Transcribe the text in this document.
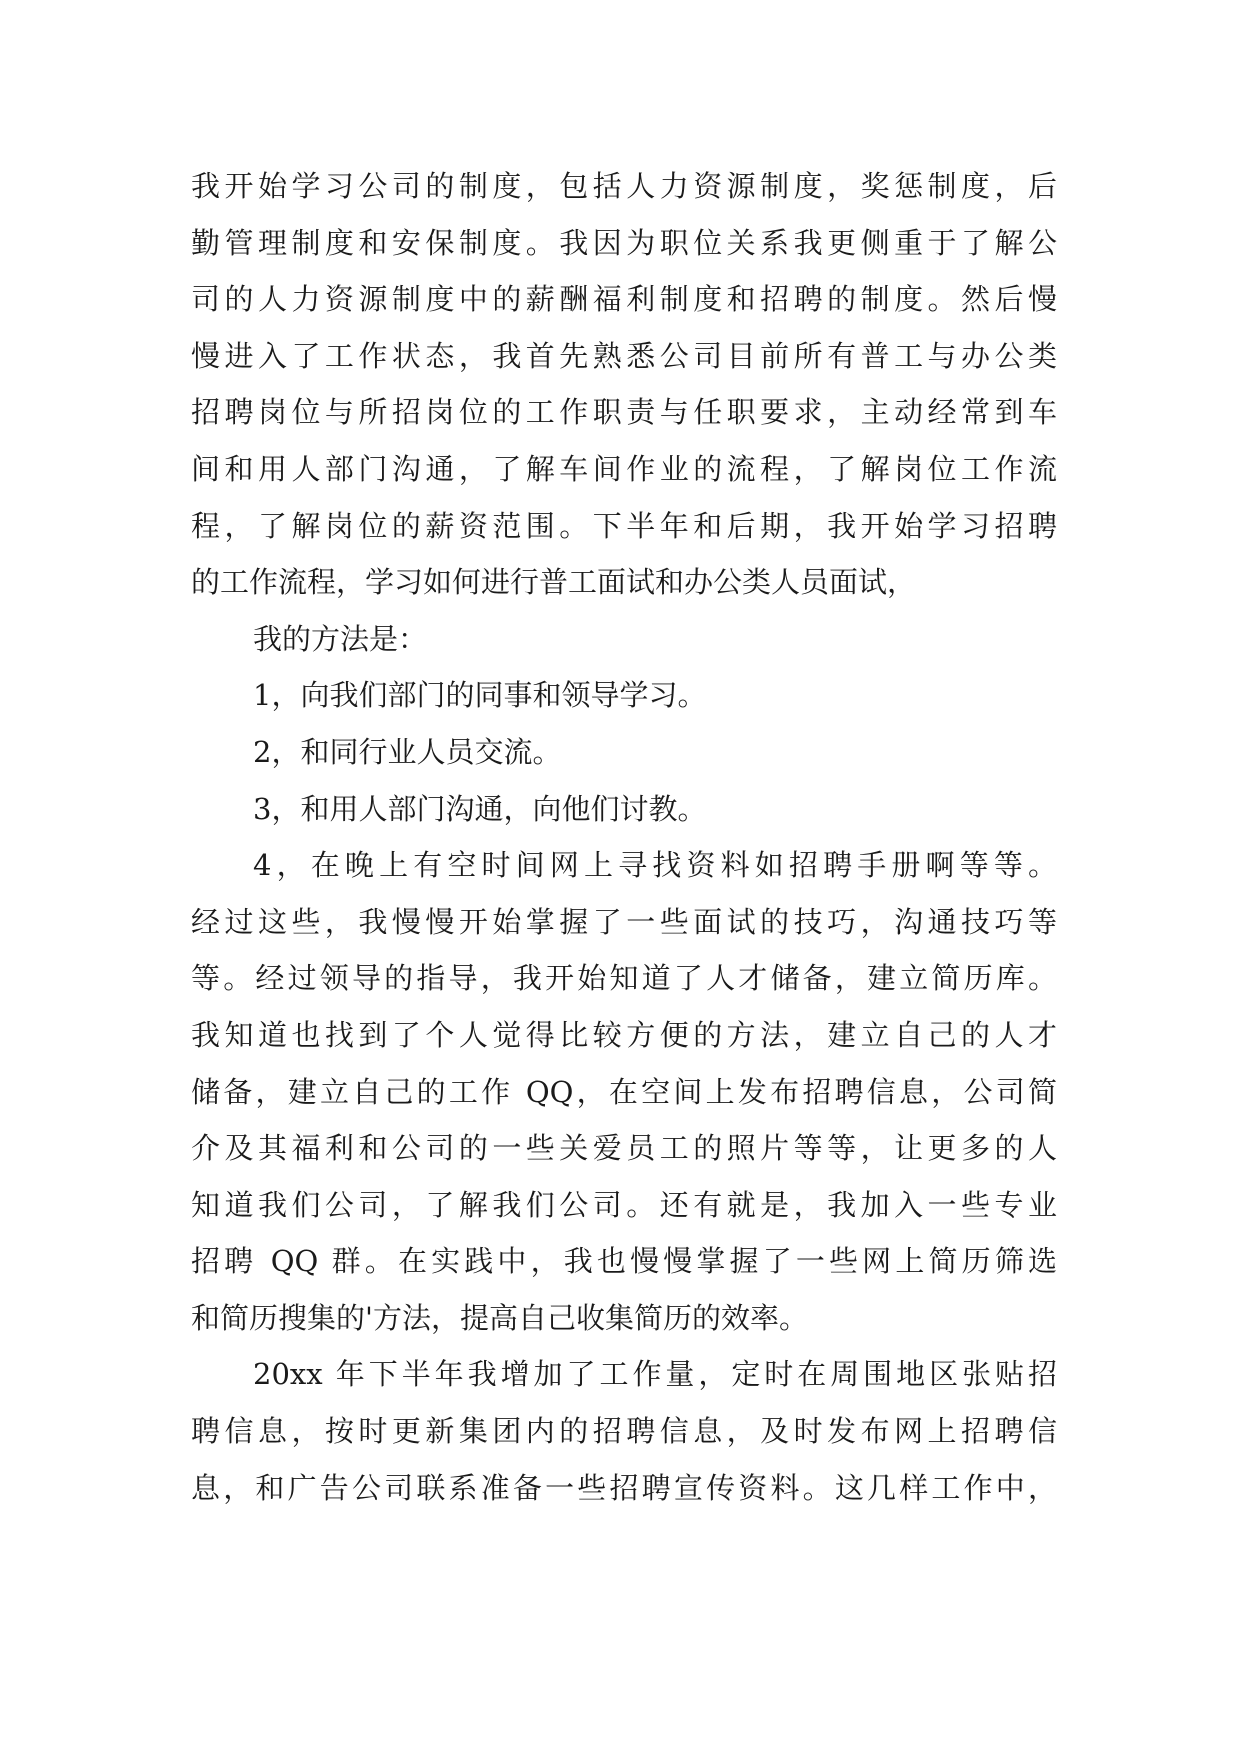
我开始学习公司的制度，包括人力资源制度，奖惩制度，后
勤管理制度和安保制度。我因为职位关系我更侧重于了解公
司的人力资源制度中的薪酬福利制度和招聘的制度。然后慢
慢进入了工作状态，我首先熟悉公司目前所有普工与办公类
招聘岗位与所招岗位的工作职责与任职要求，主动经常到车
间和用人部门沟通，了解车间作业的流程，了解岗位工作流
程，了解岗位的薪资范围。下半年和后期，我开始学习招聘
的工作流程，学习如何进行普工面试和办公类人员面试，
我的方法是：
1，向我们部门的同事和领导学习。
2，和同行业人员交流。
3，和用人部门沟通，向他们讨教。
4，在晚上有空时间网上寻找资料如招聘手册啊等等。
经过这些，我慢慢开始掌握了一些面试的技巧，沟通技巧等
等。经过领导的指导，我开始知道了人才储备，建立简历库。
我知道也找到了个人觉得比较方便的方法，建立自己的人才
储备，建立自己的工作 QQ，在空间上发布招聘信息，公司简
介及其福利和公司的一些关爱员工的照片等等，让更多的人
知道我们公司，了解我们公司。还有就是，我加入一些专业
招聘 QQ 群。在实践中，我也慢慢掌握了一些网上简历筛选
和简历搜集的'方法，提高自己收集简历的效率。
20xx 年下半年我增加了工作量，定时在周围地区张贴招
聘信息，按时更新集团内的招聘信息，及时发布网上招聘信
息，和广告公司联系准备一些招聘宣传资料。这几样工作中，
